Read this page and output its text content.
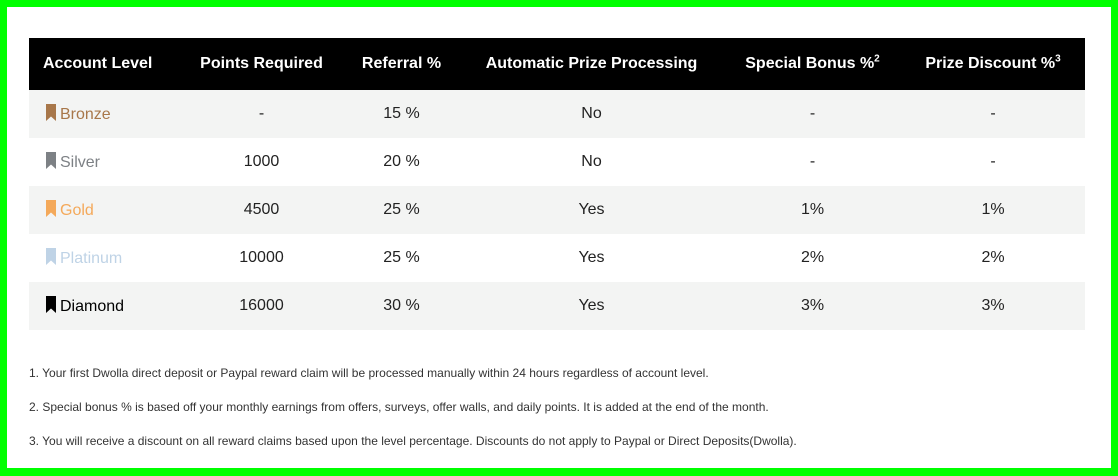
Account Level	Points Required	Referral %	Automatic Prize Processing	Special Bonus %$^2$	Prize Discount %$^3$

Bronze	-	15 %	No	-	-

Silver	1000	20 %	No	-	-

Gold	4500	25 %	Yes	1%	1%

Platinum	10000	25 %	Yes	2%	2%

Diamond	16000	30 %	Yes	3%	3%
1. Your first Dwolla direct deposit or Paypal reward claim will be processed manually within 24 hours regardless of account level.
2. Special bonus % is based off your monthly earnings from offers, surveys, offer walls, and daily points. It is added at the end of the month.
3. You will receive a discount on all reward claims based upon the level percentage. Discounts do not apply to Paypal or Direct Deposits(Dwolla).
